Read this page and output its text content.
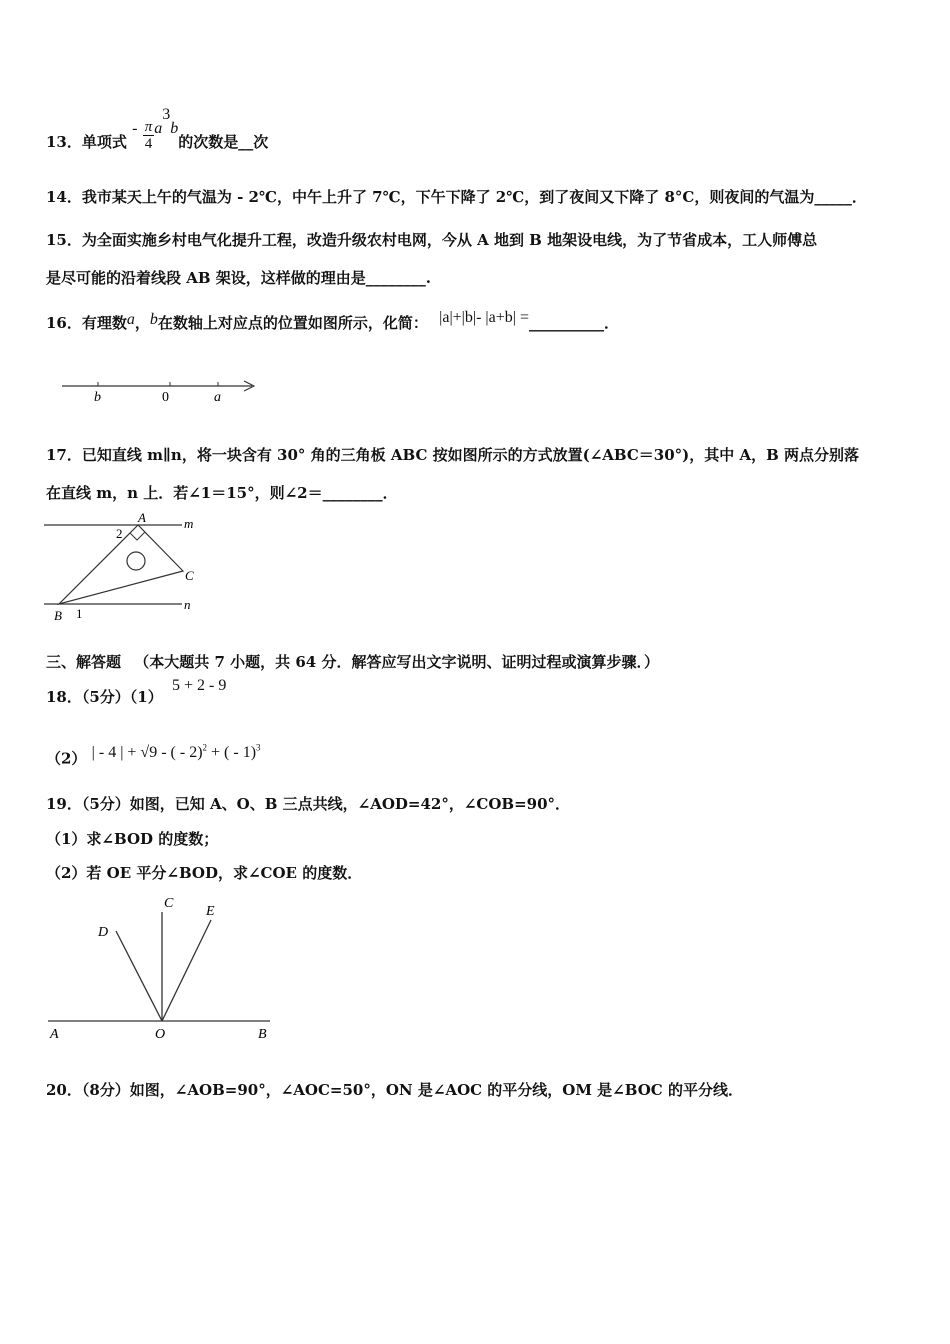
13．单项式 - $\frac{\pi}{4} a^3b$的次数是__次
14．我市某天上午的气温为 - 2℃，中午上升了 7℃，下午下降了 2℃，到了夜间又下降了 8°C，则夜间的气温为_____．
15．为全面实施乡村电气化提升工程，改造升级农村电网，今从 A 地到 B 地架设电线，为了节省成本，工人师傅总
是尽可能的沿着线段 AB 架设，这样做的理由是________.
16．有理数a，b在数轴上对应点的位置如图所示，化简： |a|+|b|- |a+b| =__________．
b	0	a
17．已知直线 m∥n，将一块含有 30° 角的三角板 ABC 按如图所示的方式放置(∠ABC＝30°)，其中 A，B 两点分别落
在直线 m，n 上．若∠1＝15°，则∠2＝________．
A	m
2
C
n
B 1
三、解答题 （本大题共 7 小题，共 64 分．解答应写出文字说明、证明过程或演算步骤．）
18．（5分）（1） 5 + 2 - 9
（2） | - 4 | + √9 - ( - 2)$^2$ + ( - 1)$^3$
19．（5分）如图，已知 A、O、B 三点共线，∠AOD=42°，∠COB=90°．
（1）求∠BOD 的度数；
（2）若 OE 平分∠BOD，求∠COE 的度数．
C
E
D
A	O	B
20．（8分）如图，∠AOB=90°，∠AOC=50°，ON 是∠AOC 的平分线，OM 是∠BOC 的平分线．
